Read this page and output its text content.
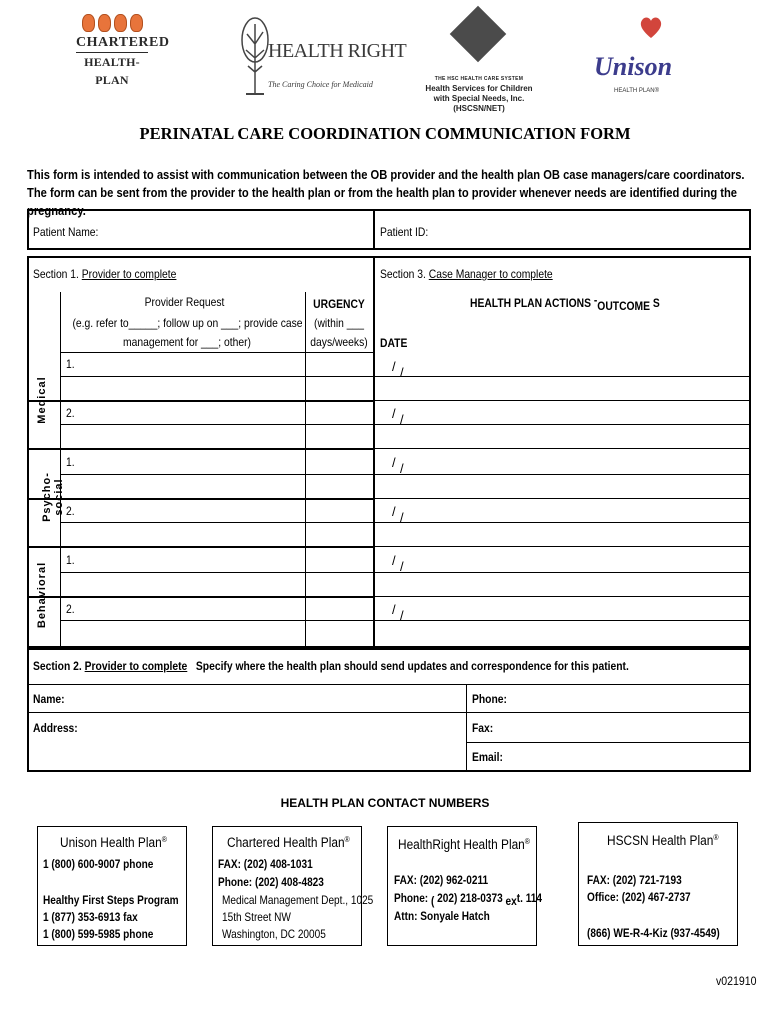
CHARTERED
HEALTH-PLAN
HEALTH RIGHT
The Caring Choice for Medicaid
THE HSC HEALTH CARE SYSTEM
Health Services for Children
with Special Needs, Inc.
(HSCSN/NET)
Unison
HEALTH PLAN®
PERINATAL CARE COORDINATION COMMUNICATION FORM
This form is intended to assist with communication between the OB provider and the health plan OB case managers/care coordinators. The form can be sent from the provider to the health plan or from the health plan to provider whenever needs are identified during the pregnancy.
Patient Name:	Patient ID:
Section 1. Provider to complete	Section 3. Case Manager to complete
Provider Request
(e.g. refer to_____; follow up on ___; provide case
management for ___; other)
URGENCY
(within ___
days/weeks)
HEALTH PLAN ACTIONS -OUTCOME S
DATE
Medical
Psycho-
social
Behavioral
1.
2.
1.
2.
1.
2.
/ /
/ /
/ /
/ /
/ /
/ /
Section 2. Provider to complete Specify where the health plan should send updates and correspondence for this patient.
Name:
Address:
Phone:
Fax:
Email:
HEALTH PLAN CONTACT NUMBERS
Unison Health Plan®
1 (800) 600-9007 phone
Healthy First Steps Program
1 (877) 353-6913 fax
1 (800) 599-5985 phone
Chartered Health Plan®
FAX: (202) 408-1031
Phone: (202) 408-4823
Medical Management Dept., 1025
15th Street NW
Washington, DC 20005
HealthRight Health Plan®
FAX: (202) 962-0211
Phone: ( 202) 218-0373 ext. 114
Attn: Sonyale Hatch
HSCSN Health Plan®
FAX: (202) 721-7193
Office: (202) 467-2737
(866) WE-R-4-Kiz (937-4549)
v021910
